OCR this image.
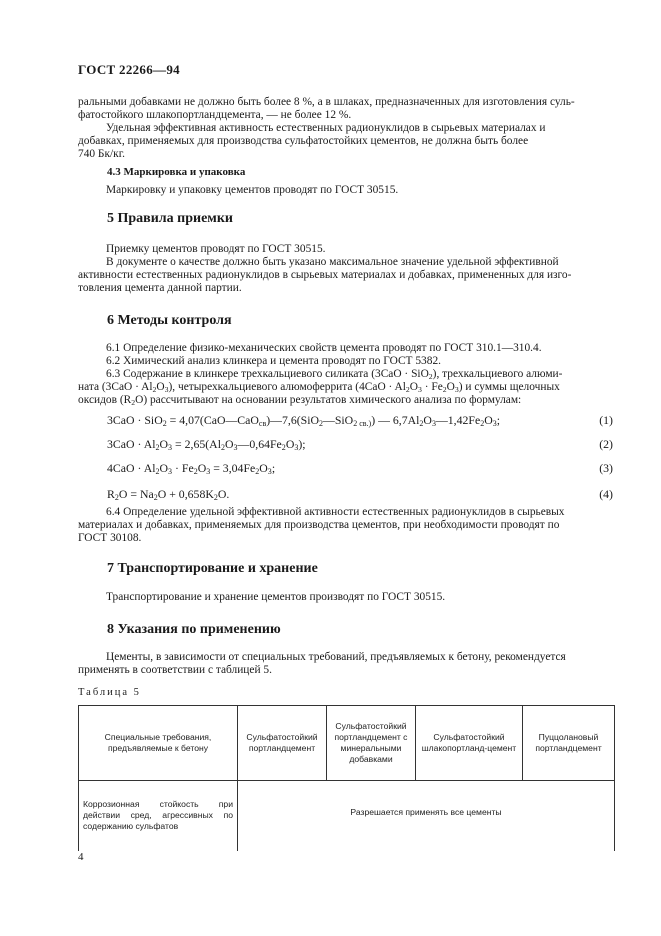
ГОСТ 22266—94
ральными добавками не должно быть более 8 %, а в шлаках, предназначенных для изготовления суль-
фатостойкого шлакопортландцемента, — не более 12 %.
Удельная эффективная активность естественных радионуклидов в сырьевых материалах и
добавках, применяемых для производства сульфатостойких цементов, не должна быть более
740 Бк/кг.
4.3 Маркировка и упаковка
Маркировку и упаковку цементов проводят по ГОСТ 30515.
5 Правила приемки
Приемку цементов проводят по ГОСТ 30515.
В документе о качестве должно быть указано максимальное значение удельной эффективной
активности естественных радионуклидов в сырьевых материалах и добавках, примененных для изго-
товления цемента данной партии.
6 Методы контроля
6.1 Определение физико-механических свойств цемента проводят по ГОСТ 310.1—310.4.
6.2 Химический анализ клинкера и цемента проводят по ГОСТ 5382.
6.3 Содержание в клинкере трехкальциевого силиката (3CaO · SiO$_2$), трехкальциевого алюми-
ната $(3CaO \cdot Al_2O_3)$, четырехкальциевого алюмоферрита $(4CaO \cdot Al_2O_3 \cdot Fe_2O_3)$ и суммы щелочных
оксидов $(R_2O)$ рассчитывают на основании результатов химического анализа по формулам:
3CaO · SiO$_2$ = 4,07(CaO—CaO$_{св}$)—7,6(SiO$_2$—SiO$_{2 св.)}$) — $6,7Al_2O_3—1,42Fe_2O_3$;	(1)
$3CaO \cdot Al_2O_3$ = $2,65(Al_2O_3—0,64Fe_2O_3)$;	(2)
$4CaO \cdot Al_2O_3 \cdot Fe_2O_3 = 3,04Fe_2O_3$;	(3)
$R_2O = Na_2O + 0,658K_2O$.	(4)
6.4 Определение удельной эффективной активности естественных радионуклидов в сырьевых
материалах и добавках, применяемых для производства цементов, при необходимости проводят по
ГОСТ 30108.
7 Транспортирование и хранение
Транспортирование и хранение цементов производят по ГОСТ 30515.
8 Указания по применению
Цементы, в зависимости от специальных требований, предъявляемых к бетону, рекомендуется
применять в соответствии с таблицей 5.
Таблица 5
Специальные требования, предъявляемые к бетону	Сульфатостойкий портландцемент	Сульфатостойкий портландцемент с минеральными добавками	Сульфатостойкий шлакопортланд-цемент	Пуццолановый портландцемент
Коррозионная стойкость при действии сред, агрессивных по содержанию сульфатов	Разрешается применять все цементы			
4
